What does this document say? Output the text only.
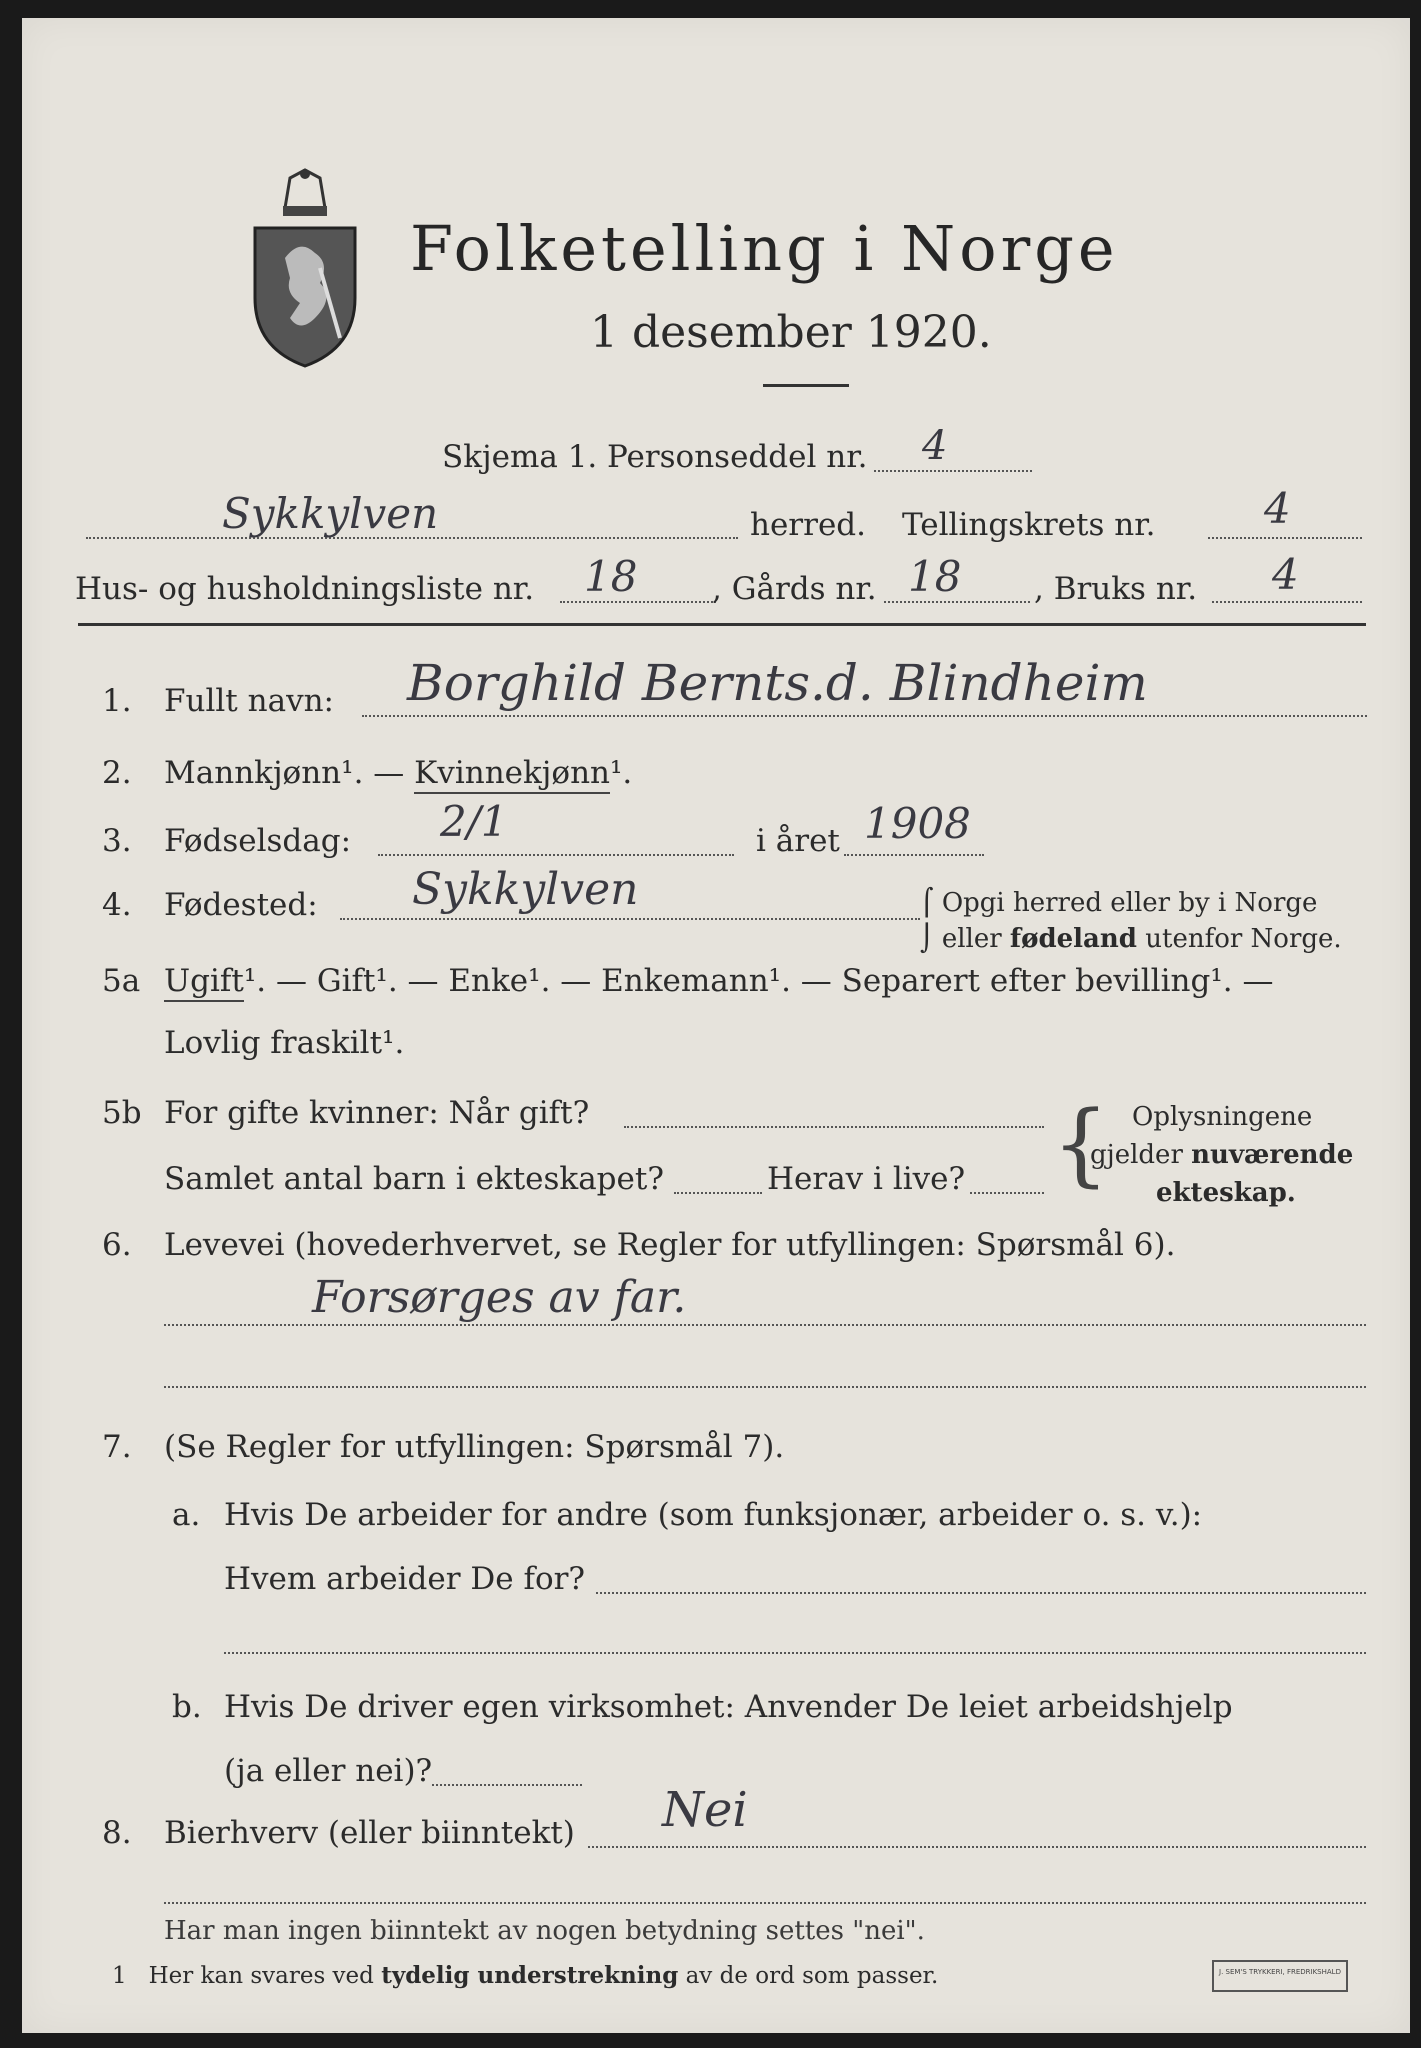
Folketelling i Norge
1 desember 1920.
Skjema 1. Personseddel nr. 4
Sykkylven	herred. Tellingskrets nr.	4
Hus- og husholdningsliste nr. 18 , Gårds nr. 18 , Bruks nr. 4
1. Fullt navn: Borghild Bernts.d. Blindheim
2. Mannkjønn¹. — Kvinnekjønn¹.
3. Fødselsdag: 2/1	i året 1908
4. Fødested: Sykkylven	⌠ Opgi herred eller by i Norge
⌡ eller fødeland utenfor Norge.
5a Ugift¹. — Gift¹. — Enke¹. — Enkemann¹. — Separert efter bevilling¹. —
Lovlig fraskilt¹.
5b For gifte kvinner: Når gift?
Samlet antal barn i ekteskapet?	Herav i live? { Oplysningene
gjelder nuværende
ekteskap.
6. Levevei (hovederhvervet, se Regler for utfyllingen: Spørsmål 6).
Forsørges av far.
7. (Se Regler for utfyllingen: Spørsmål 7).
a. Hvis De arbeider for andre (som funksjonær, arbeider o. s. v.):
Hvem arbeider De for?
b. Hvis De driver egen virksomhet: Anvender De leiet arbeidshjelp
(ja eller nei)?
8. Bierhverv (eller biinntekt) Nei
Har man ingen biinntekt av nogen betydning settes "nei".
1 Her kan svares ved tydelig understrekning av de ord som passer.	J. SEM'S TRYKKERI, FREDRIKSHALD
